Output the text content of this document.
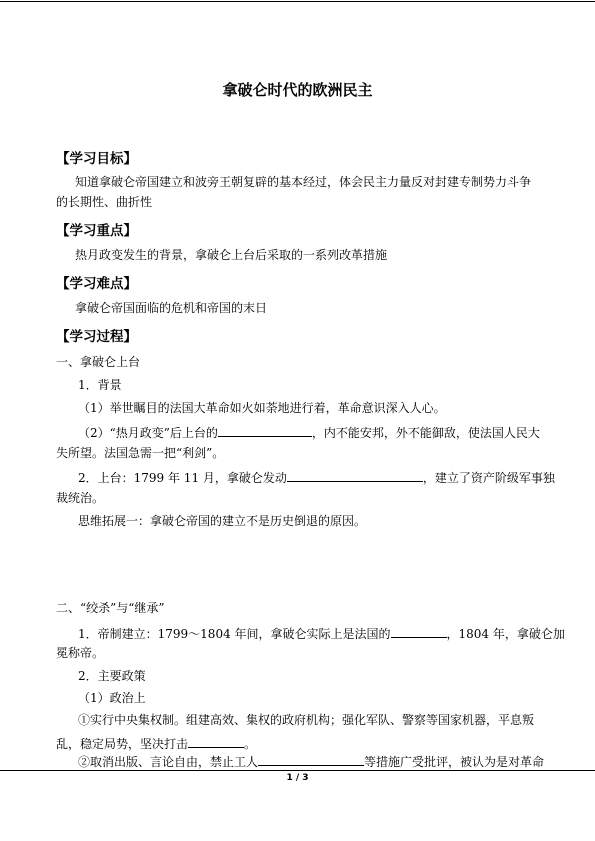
拿破仑时代的欧洲民主
【学习目标】
知道拿破仑帝国建立和波旁王朝复辟的基本经过，体会民主力量反对封建专制势力斗争
的长期性、曲折性
【学习重点】
热月政变发生的背景，拿破仑上台后采取的一系列改革措施
【学习难点】
拿破仑帝国面临的危机和帝国的末日
【学习过程】
一、拿破仑上台
1．背景
（1）举世瞩目的法国大革命如火如荼地进行着，革命意识深入人心。
（2）“热月政变”后上台的	，内不能安邦，外不能御敌，使法国人民大
失所望。法国急需一把“利剑”。
2．上台：1799 年 11 月，拿破仑发动	，建立了资产阶级军事独
裁统治。
思维拓展一：拿破仑帝国的建立不是历史倒退的原因。
二、“绞杀”与“继承”
1．帝制建立：1799～1804 年间，拿破仑实际上是法国的	，1804 年，拿破仑加
冕称帝。
2．主要政策
（1）政治上
①实行中央集权制。组建高效、集权的政府机构；强化军队、警察等国家机器，平息叛
乱，稳定局势，坚决打击	。
②取消出版、言论自由，禁止工人	等措施广受批评，被认为是对革命
1 / 3
